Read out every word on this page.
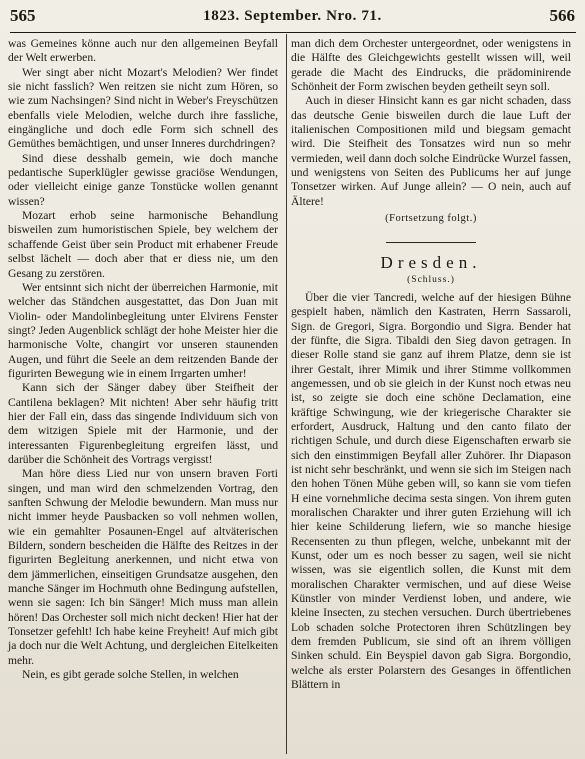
565	1823. September. Nro. 71.	566

was Gemeines könne auch nur den allgemeinen Beyfall der Welt erwerben.

Wer singt aber nicht Mozart's Melodien? Wer findet sie nicht fasslich? Wen reitzen sie nicht zum Hören, so wie zum Nachsingen? Sind nicht in Weber's Freyschützen ebenfalls viele Melodien, welche durch ihre fassliche, eingängliche und doch edle Form sich schnell des Gemüthes bemächtigen, und unser Inneres durchdringen?

Sind diese desshalb gemein, wie doch manche pedantische Superklügler gewisse graciöse Wendungen, oder vielleicht einige ganze Tonstücke wollen genannt wissen?

Mozart erhob seine harmonische Behandlung bisweilen zum humoristischen Spiele, bey welchem der schaffende Geist über sein Product mit erhabener Freude selbst lächelt — doch aber that er diess nie, um den Gesang zu zerstören.

Wer entsinnt sich nicht der überreichen Harmonie, mit welcher das Ständchen ausgestattet, das Don Juan mit Violin- oder Mandolinbegleitung unter Elvirens Fenster singt? Jeden Augenblick schlägt der hohe Meister hier die harmonische Volte, changirt vor unseren staunenden Augen, und führt die Seele an dem reitzenden Bande der figurirten Bewegung wie in einem Irrgarten umher!

Kann sich der Sänger dabey über Steifheit der Cantilena beklagen? Mit nichten! Aber sehr häufig tritt hier der Fall ein, dass das singende Individuum sich von dem witzigen Spiele mit der Harmonie, und der interessanten Figurenbegleitung ergreifen lässt, und darüber die Schönheit des Vortrags vergisst!

Man höre diess Lied nur von unsern braven Forti singen, und man wird den schmelzenden Vortrag, den sanften Schwung der Melodie bewundern. Man muss nur nicht immer heyde Pausbacken so voll nehmen wollen, wie ein gemahlter Posaunen-Engel auf altväterischen Bildern, sondern bescheiden die Hälfte des Reitzes in der figurirten Begleitung anerkennen, und nicht etwa von dem jämmerlichen, einseitigen Grundsatze ausgehen, den manche Sänger im Hochmuth ohne Bedingung aufstellen, wenn sie sagen: Ich bin Sänger! Mich muss man allein hören! Das Orchester soll mich nicht decken! Hier hat der Tonsetzer gefehlt! Ich habe keine Freyheit! Auf mich gibt ja doch nur die Welt Achtung, und dergleichen Eitelkeiten mehr.

Nein, es gibt gerade solche Stellen, in welchen

man dich dem Orchester untergeordnet, oder wenigstens in die Hälfte des Gleichgewichts gestellt wissen will, weil gerade die Macht des Eindrucks, die prädominirende Schönheit der Form zwischen beyden getheilt seyn soll.

Auch in dieser Hinsicht kann es gar nicht schaden, dass das deutsche Genie bisweilen durch die laue Luft der italienischen Compositionen mild und biegsam gemacht wird. Die Steifheit des Tonsatzes wird nun so mehr vermieden, weil dann doch solche Eindrücke Wurzel fassen, und wenigstens von Seiten des Publicums her auf junge Tonsetzer wirken. Auf Junge allein? — O nein, auch auf Ältere!

(Fortsetzung folgt.)

Dresden.

(Schluss.)

Über die vier Tancredi, welche auf der hiesigen Bühne gespielt haben, nämlich den Kastraten, Herrn Sassaroli, Sign. de Gregori, Sigra. Borgondio und Sigra. Bender hat der fünfte, die Sigra. Tibaldi den Sieg davon getragen. In dieser Rolle stand sie ganz auf ihrem Platze, denn sie ist ihrer Gestalt, ihrer Mimik und ihrer Stimme vollkommen angemessen, und ob sie gleich in der Kunst noch etwas neu ist, so zeigte sie doch eine schöne Declamation, eine kräftige Schwingung, wie der kriegerische Charakter sie erfordert, Ausdruck, Haltung und den canto filato der richtigen Schule, und durch diese Eigenschaften erwarb sie sich den einstimmigen Beyfall aller Zuhörer. Ihr Diapason ist nicht sehr beschränkt, und wenn sie sich im Steigen nach den hohen Tönen Mühe geben will, so kann sie vom tiefen H eine vornehmliche decima sesta singen. Von ihrem guten moralischen Charakter und ihrer guten Erziehung will ich hier keine Schilderung liefern, wie so manche hiesige Recensenten zu thun pflegen, welche, unbekannt mit der Kunst, oder um es noch besser zu sagen, weil sie nicht wissen, was sie eigentlich sollen, die Kunst mit dem moralischen Charakter vermischen, und auf diese Weise Künstler von minder Verdienst loben, und andere, wie kleine Insecten, zu stechen versuchen. Durch übertriebenes Lob schaden solche Protectoren ihren Schützlingen bey dem fremden Publicum, sie sind oft an ihrem völligen Sinken schuld. Ein Beyspiel davon gab Sigra. Borgondio, welche als erster Polarstern des Gesanges in öffentlichen Blättern in
